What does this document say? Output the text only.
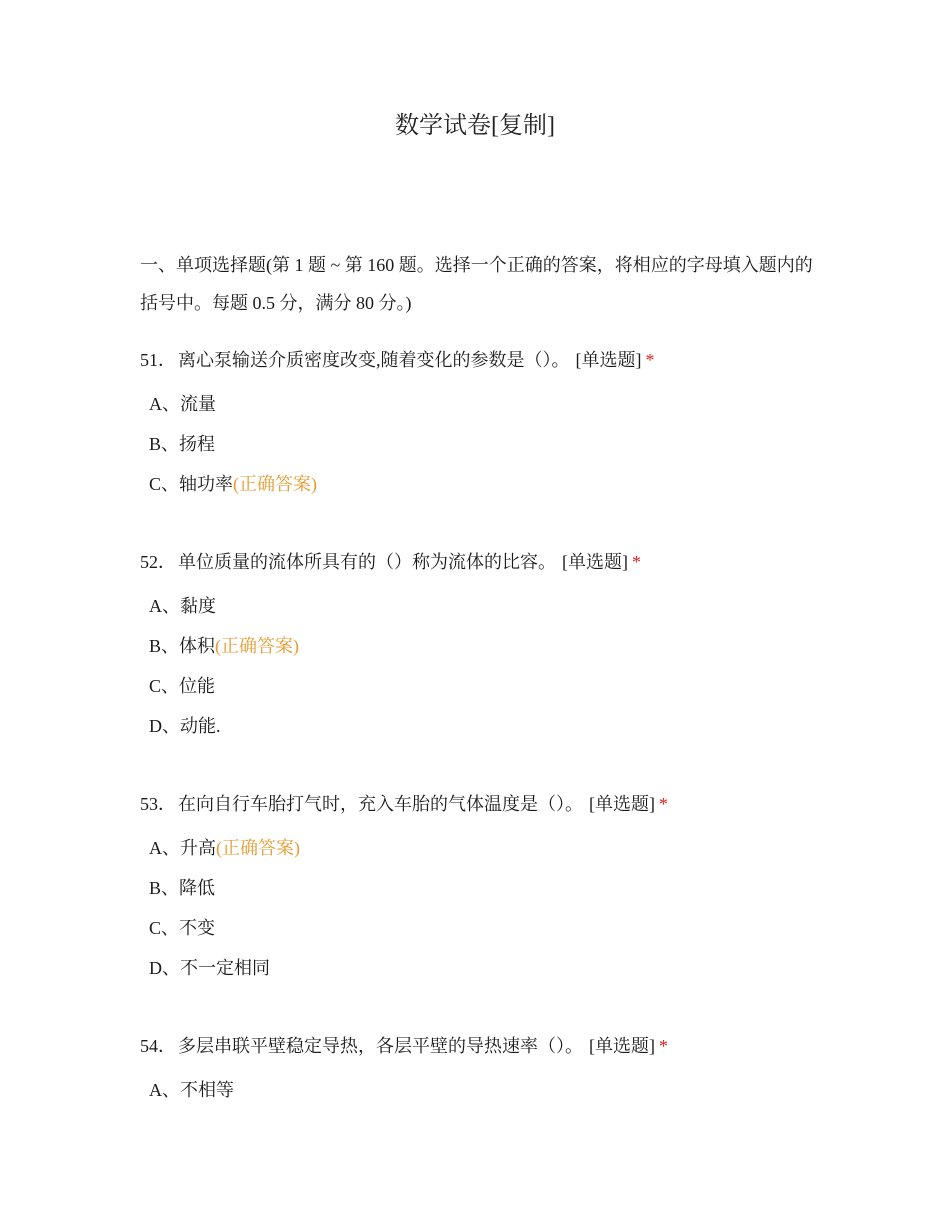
数学试卷[复制]
一、单项选择题(第 1 题 ~ 第 160 题。选择一个正确的答案，将相应的字母填入题内的括号中。每题 0.5 分，满分 80 分。)
51． 离心泵输送介质密度改变,随着变化的参数是（）。 [单选题] *
A、流量
B、扬程
C、轴功率(正确答案)
52． 单位质量的流体所具有的（）称为流体的比容。 [单选题] *
A、黏度
B、体积(正确答案)
C、位能
D、动能.
53． 在向自行车胎打气时，充入车胎的气体温度是（）。 [单选题] *
A、升高(正确答案)
B、降低
C、不变
D、不一定相同
54． 多层串联平壁稳定导热，各层平壁的导热速率（）。 [单选题] *
A、不相等
